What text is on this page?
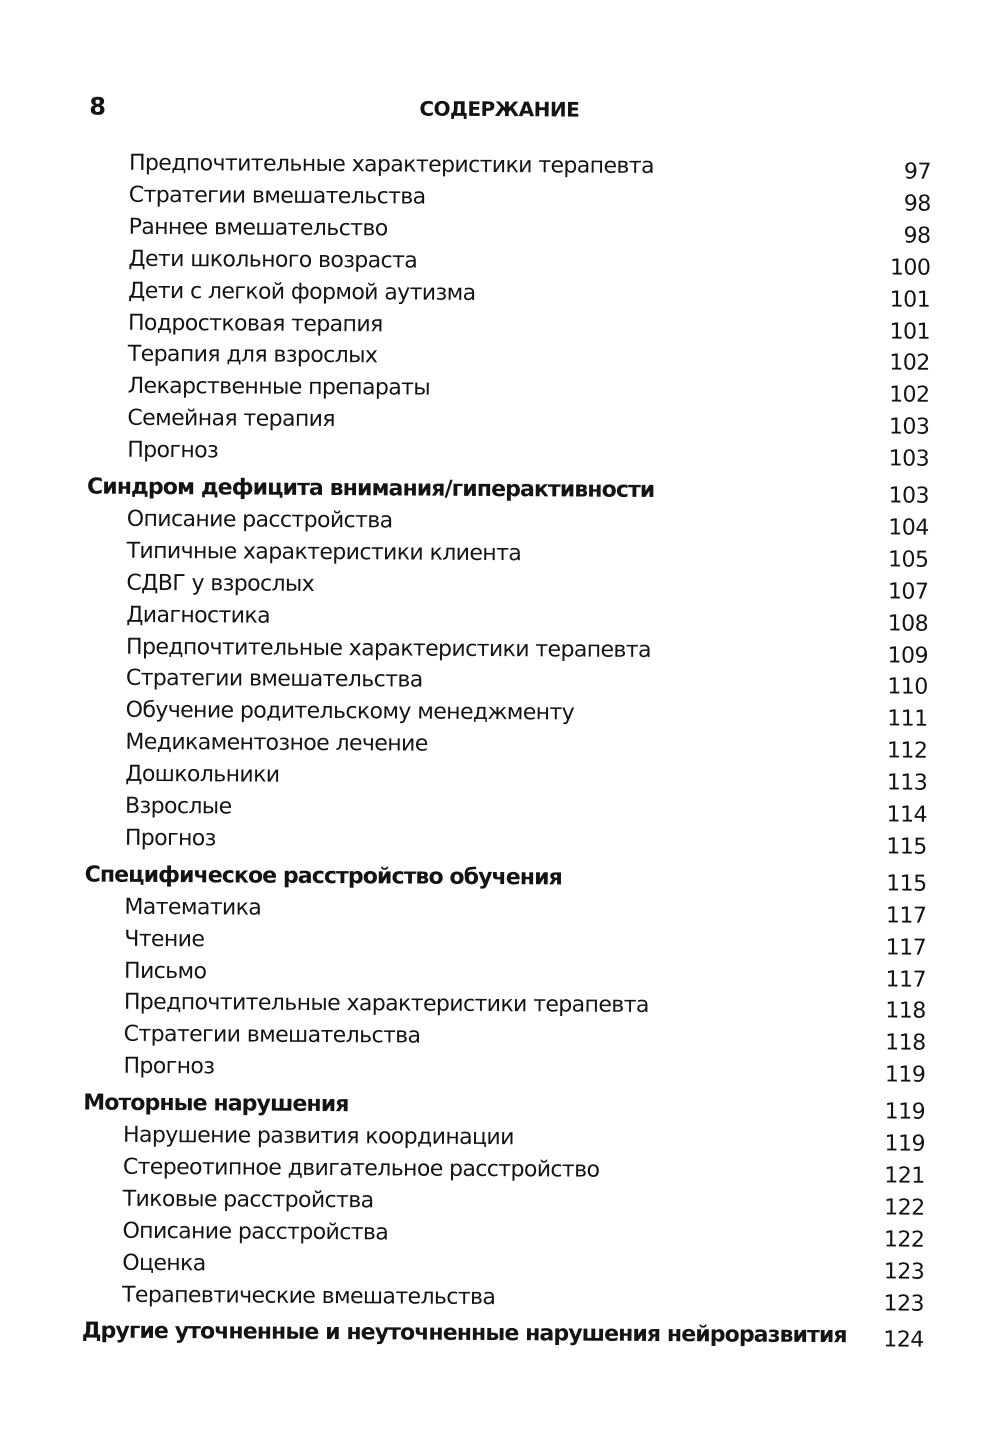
8	СОДЕРЖАНИЕ
Предпочтительные характеристики терапевта	97
Стратегии вмешательства	98
Раннее вмешательство	98
Дети школьного возраста	100
Дети с легкой формой аутизма	101
Подростковая терапия	101
Терапия для взрослых	102
Лекарственные препараты	102
Семейная терапия	103
Прогноз	103
Синдром дефицита внимания/гиперактивности	103
Описание расстройства	104
Типичные характеристики клиента	105
СДВГ у взрослых	107
Диагностика	108
Предпочтительные характеристики терапевта	109
Стратегии вмешательства	110
Обучение родительскому менеджменту	111
Медикаментозное лечение	112
Дошкольники	113
Взрослые	114
Прогноз	115
Специфическое расстройство обучения	115
Математика	117
Чтение	117
Письмо	117
Предпочтительные характеристики терапевта	118
Стратегии вмешательства	118
Прогноз	119
Моторные нарушения	119
Нарушение развития координации	119
Стереотипное двигательное расстройство	121
Тиковые расстройства	122
Описание расстройства	122
Оценка	123
Терапевтические вмешательства	123
Другие уточненные и неуточненные нарушения нейроразвития 124
